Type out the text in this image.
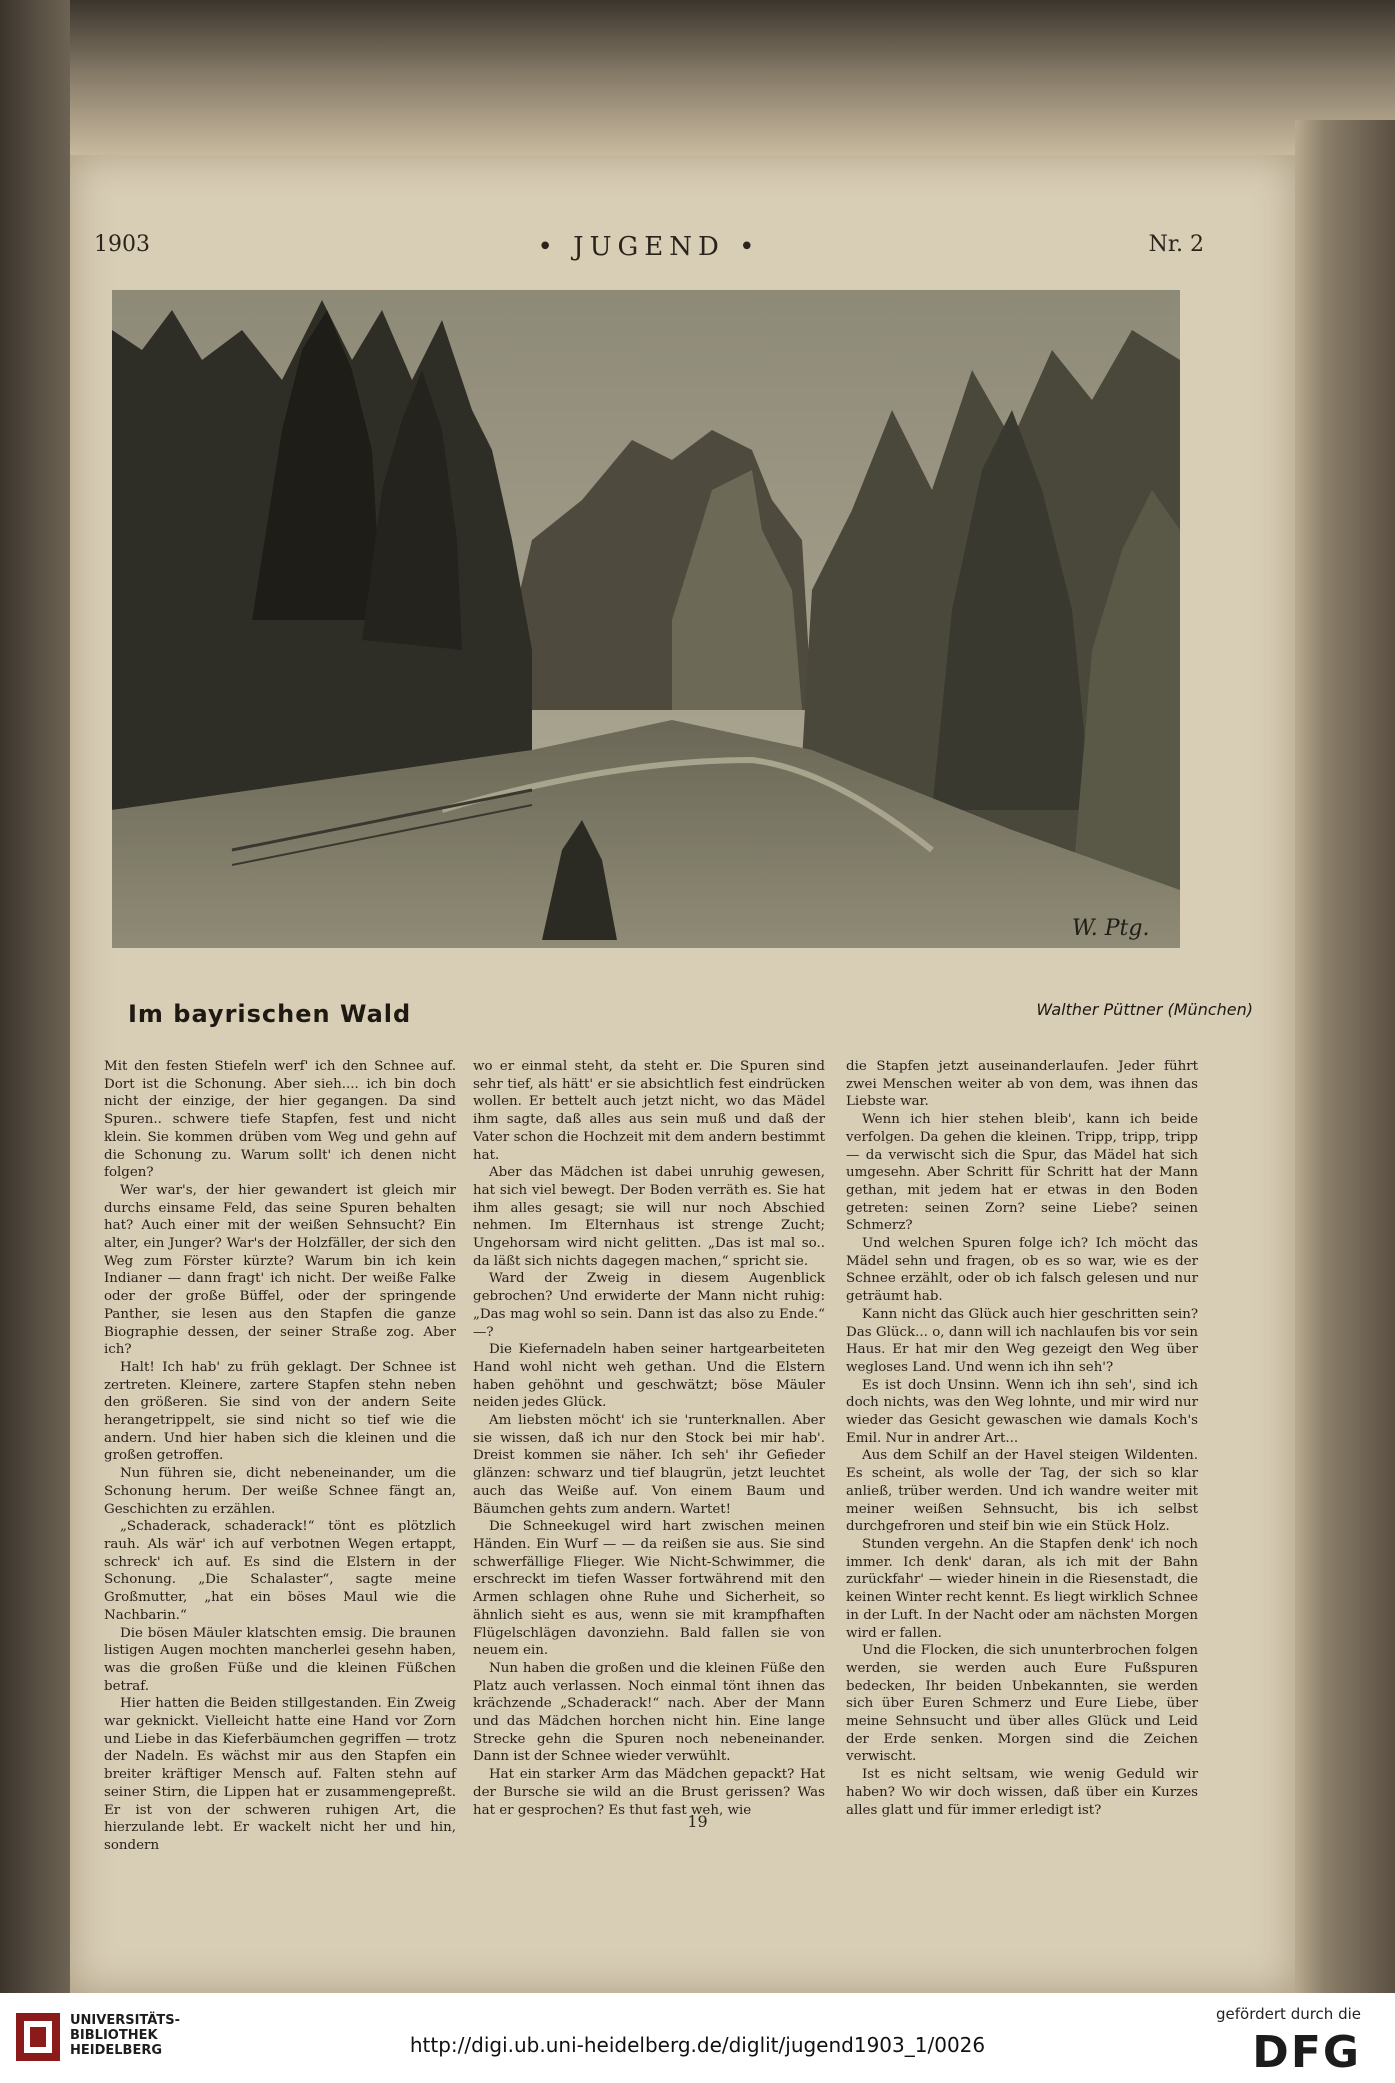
1903	• JUGEND •	Nr. 2
W. Ptg.
Im bayrischen Wald	Walther Püttner (München)

Mit den festen Stiefeln werf' ich den Schnee auf. Dort ist die Schonung. Aber sieh.... ich bin doch nicht der einzige, der hier gegangen. Da sind Spuren.. schwere tiefe Stapfen, fest und nicht klein. Sie kommen drüben vom Weg und gehn auf die Schonung zu. Warum sollt' ich denen nicht folgen?

Wer war's, der hier gewandert ist gleich mir durchs einsame Feld, das seine Spuren behalten hat? Auch einer mit der weißen Sehnsucht? Ein alter, ein Junger? War's der Holzfäller, der sich den Weg zum Förster kürzte? Warum bin ich kein Indianer — dann fragt' ich nicht. Der weiße Falke oder der große Büffel, oder der springende Panther, sie lesen aus den Stapfen die ganze Biographie dessen, der seiner Straße zog. Aber ich?

Halt! Ich hab' zu früh geklagt. Der Schnee ist zertreten. Kleinere, zartere Stapfen stehn neben den größeren. Sie sind von der andern Seite herangetrippelt, sie sind nicht so tief wie die andern. Und hier haben sich die kleinen und die großen getroffen.

Nun führen sie, dicht nebeneinander, um die Schonung herum. Der weiße Schnee fängt an, Geschichten zu erzählen.

„Schaderack, schaderack!“ tönt es plötzlich rauh. Als wär' ich auf verbotnen Wegen ertappt, schreck' ich auf. Es sind die Elstern in der Schonung. „Die Schalaster“, sagte meine Großmutter, „hat ein böses Maul wie die Nachbarin.“

Die bösen Mäuler klatschten emsig. Die braunen listigen Augen mochten mancherlei gesehn haben, was die großen Füße und die kleinen Füßchen betraf.

Hier hatten die Beiden stillgestanden. Ein Zweig war geknickt. Vielleicht hatte eine Hand vor Zorn und Liebe in das Kieferbäumchen gegriffen — trotz der Nadeln. Es wächst mir aus den Stapfen ein breiter kräftiger Mensch auf. Falten stehn auf seiner Stirn, die Lippen hat er zusammengepreßt. Er ist von der schweren ruhigen Art, die hierzulande lebt. Er wackelt nicht her und hin, sondern

wo er einmal steht, da steht er. Die Spuren sind sehr tief, als hätt' er sie absichtlich fest eindrücken wollen. Er bettelt auch jetzt nicht, wo das Mädel ihm sagte, daß alles aus sein muß und daß der Vater schon die Hochzeit mit dem andern bestimmt hat.

Aber das Mädchen ist dabei unruhig gewesen, hat sich viel bewegt. Der Boden verräth es. Sie hat ihm alles gesagt; sie will nur noch Abschied nehmen. Im Elternhaus ist strenge Zucht; Ungehorsam wird nicht gelitten. „Das ist mal so.. da läßt sich nichts dagegen machen,“ spricht sie.

Ward der Zweig in diesem Augenblick gebrochen? Und erwiderte der Mann nicht ruhig: „Das mag wohl so sein. Dann ist das also zu Ende.“ —?

Die Kiefernadeln haben seiner hartgearbeiteten Hand wohl nicht weh gethan. Und die Elstern haben gehöhnt und geschwätzt; böse Mäuler neiden jedes Glück.

Am liebsten möcht' ich sie 'runterknallen. Aber sie wissen, daß ich nur den Stock bei mir hab'. Dreist kommen sie näher. Ich seh' ihr Gefieder glänzen: schwarz und tief blaugrün, jetzt leuchtet auch das Weiße auf. Von einem Baum und Bäumchen gehts zum andern. Wartet!

Die Schneekugel wird hart zwischen meinen Händen. Ein Wurf — — da reißen sie aus. Sie sind schwerfällige Flieger. Wie Nicht-Schwimmer, die erschreckt im tiefen Wasser fortwährend mit den Armen schlagen ohne Ruhe und Sicherheit, so ähnlich sieht es aus, wenn sie mit krampfhaften Flügelschlägen davonziehn. Bald fallen sie von neuem ein.

Nun haben die großen und die kleinen Füße den Platz auch verlassen. Noch einmal tönt ihnen das krächzende „Schaderack!“ nach. Aber der Mann und das Mädchen horchen nicht hin. Eine lange Strecke gehn die Spuren noch nebeneinander. Dann ist der Schnee wieder verwühlt.

Hat ein starker Arm das Mädchen gepackt? Hat der Bursche sie wild an die Brust gerissen? Was hat er gesprochen? Es thut fast weh, wie

die Stapfen jetzt auseinanderlaufen. Jeder führt zwei Menschen weiter ab von dem, was ihnen das Liebste war.

Wenn ich hier stehen bleib', kann ich beide verfolgen. Da gehen die kleinen. Tripp, tripp, tripp — da verwischt sich die Spur, das Mädel hat sich umgesehn. Aber Schritt für Schritt hat der Mann gethan, mit jedem hat er etwas in den Boden getreten: seinen Zorn? seine Liebe? seinen Schmerz?

Und welchen Spuren folge ich? Ich möcht das Mädel sehn und fragen, ob es so war, wie es der Schnee erzählt, oder ob ich falsch gelesen und nur geträumt hab.

Kann nicht das Glück auch hier geschritten sein? Das Glück... o, dann will ich nachlaufen bis vor sein Haus. Er hat mir den Weg gezeigt den Weg über wegloses Land. Und wenn ich ihn seh'?

Es ist doch Unsinn. Wenn ich ihn seh', sind ich doch nichts, was den Weg lohnte, und mir wird nur wieder das Gesicht gewaschen wie damals Koch's Emil. Nur in andrer Art...

Aus dem Schilf an der Havel steigen Wildenten. Es scheint, als wolle der Tag, der sich so klar anließ, trüber werden. Und ich wandre weiter mit meiner weißen Sehnsucht, bis ich selbst durchgefroren und steif bin wie ein Stück Holz.

Stunden vergehn. An die Stapfen denk' ich noch immer. Ich denk' daran, als ich mit der Bahn zurückfahr' — wieder hinein in die Riesenstadt, die keinen Winter recht kennt. Es liegt wirklich Schnee in der Luft. In der Nacht oder am nächsten Morgen wird er fallen.

Und die Flocken, die sich ununterbrochen folgen werden, sie werden auch Eure Fußspuren bedecken, Ihr beiden Unbekannten, sie werden sich über Euren Schmerz und Eure Liebe, über meine Sehnsucht und über alles Glück und Leid der Erde senken. Morgen sind die Zeichen verwischt.

Ist es nicht seltsam, wie wenig Geduld wir haben? Wo wir doch wissen, daß über ein Kurzes alles glatt und für immer erledigt ist?

19
UNIVERSITÄTS-
BIBLIOTHEK
HEIDELBERG	http://digi.ub.uni-heidelberg.de/diglit/jugend1903_1/0026
gefördert durch die
DFG
